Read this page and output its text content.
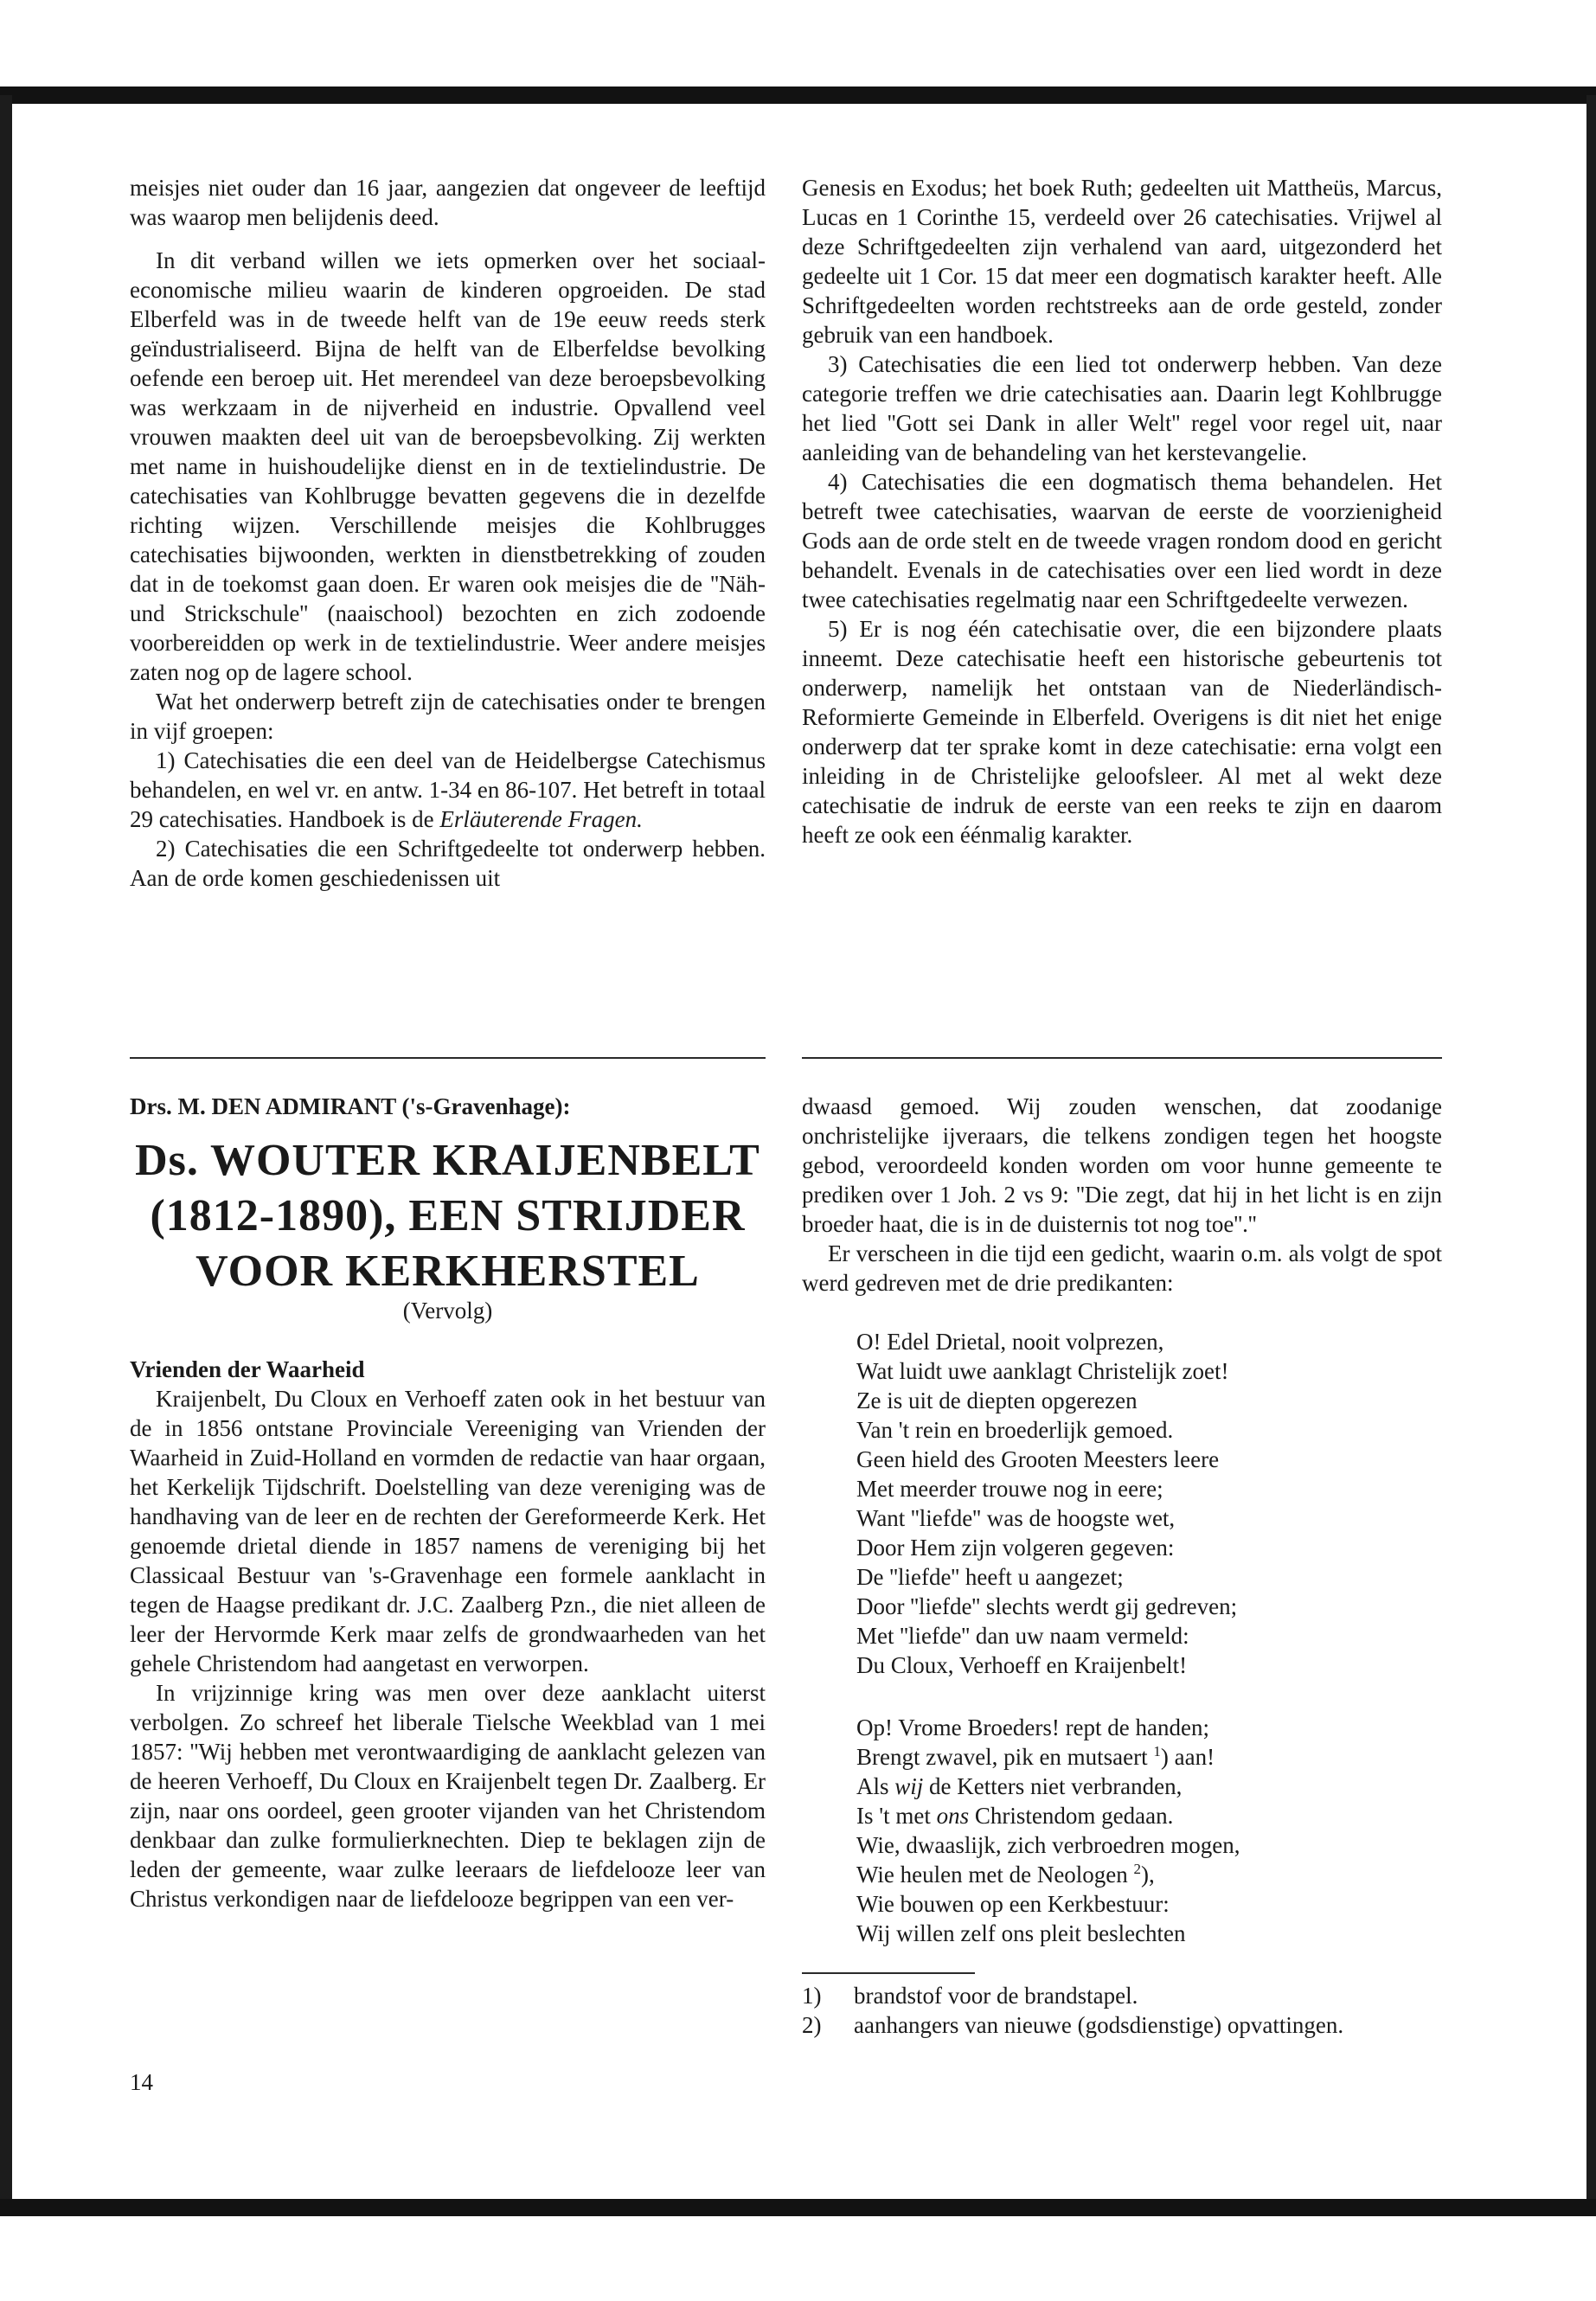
meisjes niet ouder dan 16 jaar, aangezien dat ongeveer de leeftijd was waarop men belijdenis deed.

In dit verband willen we iets opmerken over het sociaal-economische milieu waarin de kinderen opgroeiden. De stad Elberfeld was in de tweede helft van de 19e eeuw reeds sterk geïndustrialiseerd. Bijna de helft van de Elberfeldse bevolking oefende een beroep uit. Het merendeel van deze beroepsbevolking was werkzaam in de nijverheid en industrie. Opvallend veel vrouwen maakten deel uit van de beroepsbevolking. Zij werkten met name in huishoudelijke dienst en in de textielindustrie. De catechisaties van Kohlbrugge bevatten gegevens die in dezelfde richting wijzen. Verschillende meisjes die Kohlbrugges catechisaties bijwoonden, werkten in dienstbetrekking of zouden dat in de toekomst gaan doen. Er waren ook meisjes die de ''Näh- und Strickschule'' (naaischool) bezochten en zich zodoende voorbereidden op werk in de textielindustrie. Weer andere meisjes zaten nog op de lagere school.

Wat het onderwerp betreft zijn de catechisaties onder te brengen in vijf groepen:

1) Catechisaties die een deel van de Heidelbergse Catechismus behandelen, en wel vr. en antw. 1-34 en 86-107. Het betreft in totaal 29 catechisaties. Handboek is de Erläuterende Fragen.

2) Catechisaties die een Schriftgedeelte tot onderwerp hebben. Aan de orde komen geschiedenissen uit

Genesis en Exodus; het boek Ruth; gedeelten uit Mattheüs, Marcus, Lucas en 1 Corinthe 15, verdeeld over 26 catechisaties. Vrijwel al deze Schriftgedeelten zijn verhalend van aard, uitgezonderd het gedeelte uit 1 Cor. 15 dat meer een dogmatisch karakter heeft. Alle Schriftgedeelten worden rechtstreeks aan de orde gesteld, zonder gebruik van een handboek.

3) Catechisaties die een lied tot onderwerp hebben. Van deze categorie treffen we drie catechisaties aan. Daarin legt Kohlbrugge het lied ''Gott sei Dank in aller Welt'' regel voor regel uit, naar aanleiding van de behandeling van het kerstevangelie.

4) Catechisaties die een dogmatisch thema behandelen. Het betreft twee catechisaties, waarvan de eerste de voorzienigheid Gods aan de orde stelt en de tweede vragen rondom dood en gericht behandelt. Evenals in de catechisaties over een lied wordt in deze twee catechisaties regelmatig naar een Schriftgedeelte verwezen.

5) Er is nog één catechisatie over, die een bijzondere plaats inneemt. Deze catechisatie heeft een historische gebeurtenis tot onderwerp, namelijk het ontstaan van de Niederländisch-Reformierte Gemeinde in Elberfeld. Overigens is dit niet het enige onderwerp dat ter sprake komt in deze catechisatie: erna volgt een inleiding in de Christelijke geloofsleer. Al met al wekt deze catechisatie de indruk de eerste van een reeks te zijn en daarom heeft ze ook een éénmalig karakter.

Drs. M. DEN ADMIRANT ('s-Gravenhage):
Ds. WOUTER KRAIJENBELT
(1812-1890), EEN STRIJDER
VOOR KERKHERSTEL
(Vervolg)
Vrienden der Waarheid

Kraijenbelt, Du Cloux en Verhoeff zaten ook in het bestuur van de in 1856 ontstane Provinciale Vereeniging van Vrienden der Waarheid in Zuid-Holland en vormden de redactie van haar orgaan, het Kerkelijk Tijdschrift. Doelstelling van deze vereniging was de handhaving van de leer en de rechten der Gereformeerde Kerk. Het genoemde drietal diende in 1857 namens de vereniging bij het Classicaal Bestuur van 's-Gravenhage een formele aanklacht in tegen de Haagse predikant dr. J.C. Zaalberg Pzn., die niet alleen de leer der Hervormde Kerk maar zelfs de grondwaarheden van het gehele Christendom had aangetast en verworpen.

In vrijzinnige kring was men over deze aanklacht uiterst verbolgen. Zo schreef het liberale Tielsche Weekblad van 1 mei 1857: ''Wij hebben met verontwaardiging de aanklacht gelezen van de heeren Verhoeff, Du Cloux en Kraijenbelt tegen Dr. Zaalberg. Er zijn, naar ons oordeel, geen grooter vijanden van het Christendom denkbaar dan zulke formulierknechten. Diep te beklagen zijn de leden der gemeente, waar zulke leeraars de liefdelooze leer van Christus verkondigen naar de liefdelooze begrippen van een ver-

dwaasd gemoed. Wij zouden wenschen, dat zoodanige onchristelijke ijveraars, die telkens zondigen tegen het hoogste gebod, veroordeeld konden worden om voor hunne gemeente te prediken over 1 Joh. 2 vs 9: ''Die zegt, dat hij in het licht is en zijn broeder haat, die is in de duisternis tot nog toe''.''

Er verscheen in die tijd een gedicht, waarin o.m. als volgt de spot werd gedreven met de drie predikanten:

O! Edel Drietal, nooit volprezen,

Wat luidt uwe aanklagt Christelijk zoet!

Ze is uit de diepten opgerezen

Van 't rein en broederlijk gemoed.

Geen hield des Grooten Meesters leere

Met meerder trouwe nog in eere;

Want ''liefde'' was de hoogste wet,

Door Hem zijn volgeren gegeven:

De ''liefde'' heeft u aangezet;

Door ''liefde'' slechts werdt gij gedreven;

Met ''liefde'' dan uw naam vermeld:

Du Cloux, Verhoeff en Kraijenbelt!

Op! Vrome Broeders! rept de handen;

Brengt zwavel, pik en mutsaert $^1$) aan!

Als wij de Ketters niet verbranden,

Is 't met ons Christendom gedaan.

Wie, dwaaslijk, zich verbroedren mogen,

Wie heulen met de Neologen $^2$),

Wie bouwen op een Kerkbestuur:

Wij willen zelf ons pleit beslechten

1) brandstof voor de brandstapel.
2) aanhangers van nieuwe (godsdienstige) opvattingen.
14
